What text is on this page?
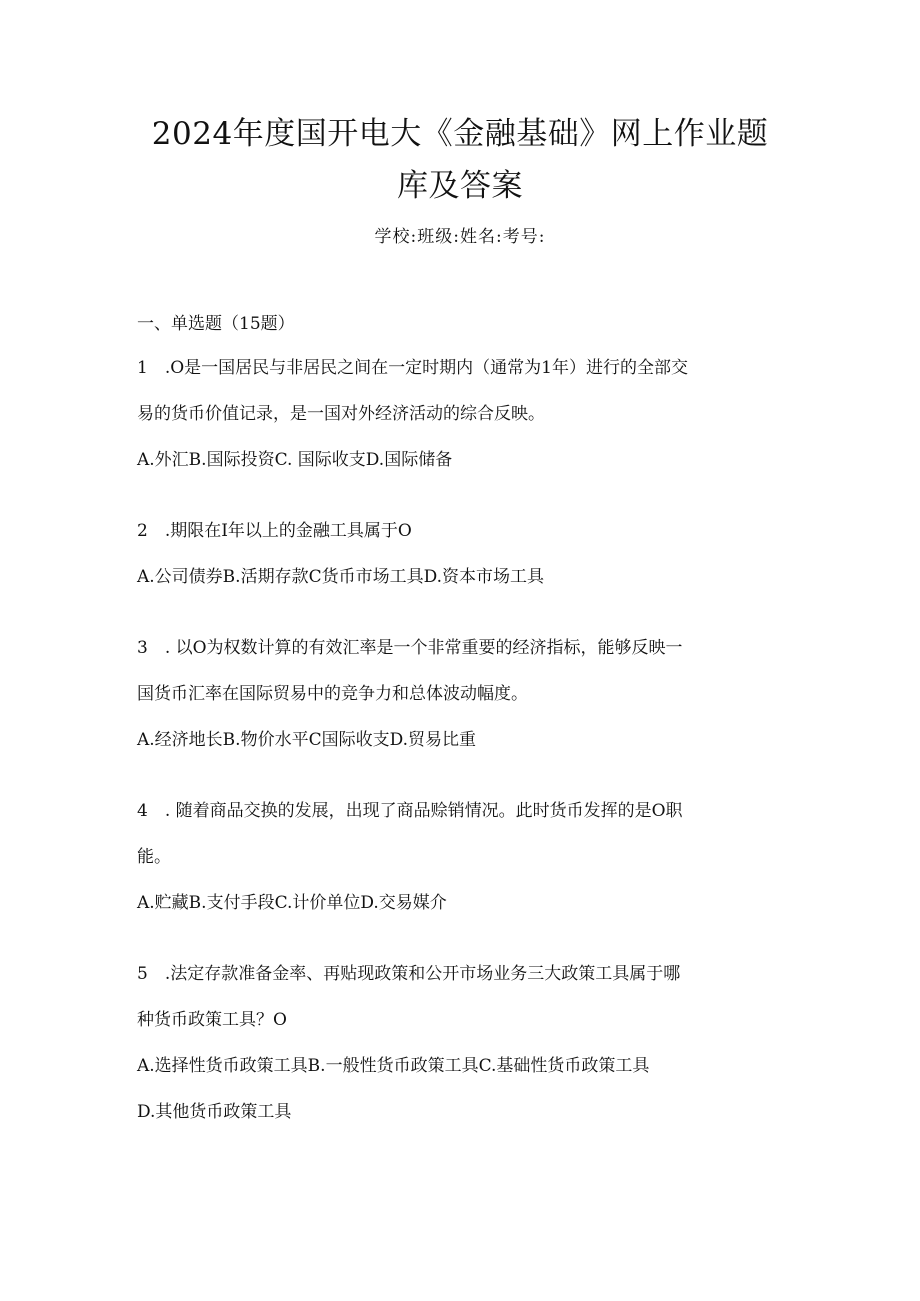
2024年度国开电大《金融基础》网上作业题
库及答案
学校:班级:姓名:考号:
一、单选题（15题）
1　.O是一国居民与非居民之间在一定时期内（通常为1年）进行的全部交
易的货币价值记录，是一国对外经济活动的综合反映。
A.外汇B.国际投资C. 国际收支D.国际储备
2　.期限在I年以上的金融工具属于O
A.公司债券B.活期存款C货币市场工具D.资本市场工具
3　. 以O为权数计算的有效汇率是一个非常重要的经济指标，能够反映一
国货币汇率在国际贸易中的竞争力和总体波动幅度。
A.经济地长B.物价水平C国际收支D.贸易比重
4　. 随着商品交换的发展，出现了商品赊销情况。此时货币发挥的是O职
能。
A.贮藏B.支付手段C.计价单位D.交易媒介
5　.法定存款准备金率、再贴现政策和公开市场业务三大政策工具属于哪
种货币政策工具？O
A.选择性货币政策工具B.一般性货币政策工具C.基础性货币政策工具
D.其他货币政策工具
